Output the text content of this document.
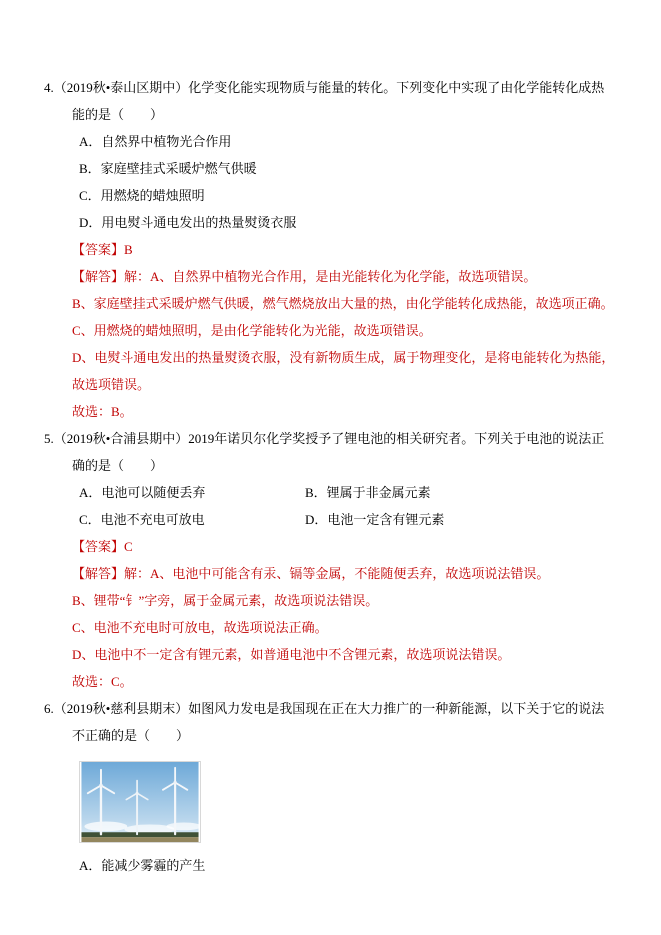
4.（2019秋•泰山区期中）化学变化能实现物质与能量的转化。下列变化中实现了由化学能转化成热能的是（　　）

A．自然界中植物光合作用
B．家庭壁挂式采暖炉燃气供暖
C．用燃烧的蜡烛照明
D．用电熨斗通电发出的热量熨烫衣服

【答案】B

【解答】解：A、自然界中植物光合作用，是由光能转化为化学能，故选项错误。

B、家庭壁挂式采暖炉燃气供暖，燃气燃烧放出大量的热，由化学能转化成热能，故选项正确。

C、用燃烧的蜡烛照明，是由化学能转化为光能，故选项错误。

D、电熨斗通电发出的热量熨烫衣服，没有新物质生成，属于物理变化，是将电能转化为热能，故选项错误。

故选：B。

5.（2019秋•合浦县期中）2019年诺贝尔化学奖授予了锂电池的相关研究者。下列关于电池的说法正确的是（　　）

A．电池可以随便丢弃	B．锂属于非金属元素
C．电池不充电可放电	D．电池一定含有锂元素

【答案】C

【解答】解：A、电池中可能含有汞、镉等金属，不能随便丢弃，故选项说法错误。

B、锂带“钅”字旁，属于金属元素，故选项说法错误。

C、电池不充电时可放电，故选项说法正确。

D、电池中不一定含有锂元素，如普通电池中不含锂元素，故选项说法错误。

故选：C。

6.（2019秋•慈利县期末）如图风力发电是我国现在正在大力推广的一种新能源，以下关于它的说法不正确的是（　　）

A．能减少雾霾的产生
